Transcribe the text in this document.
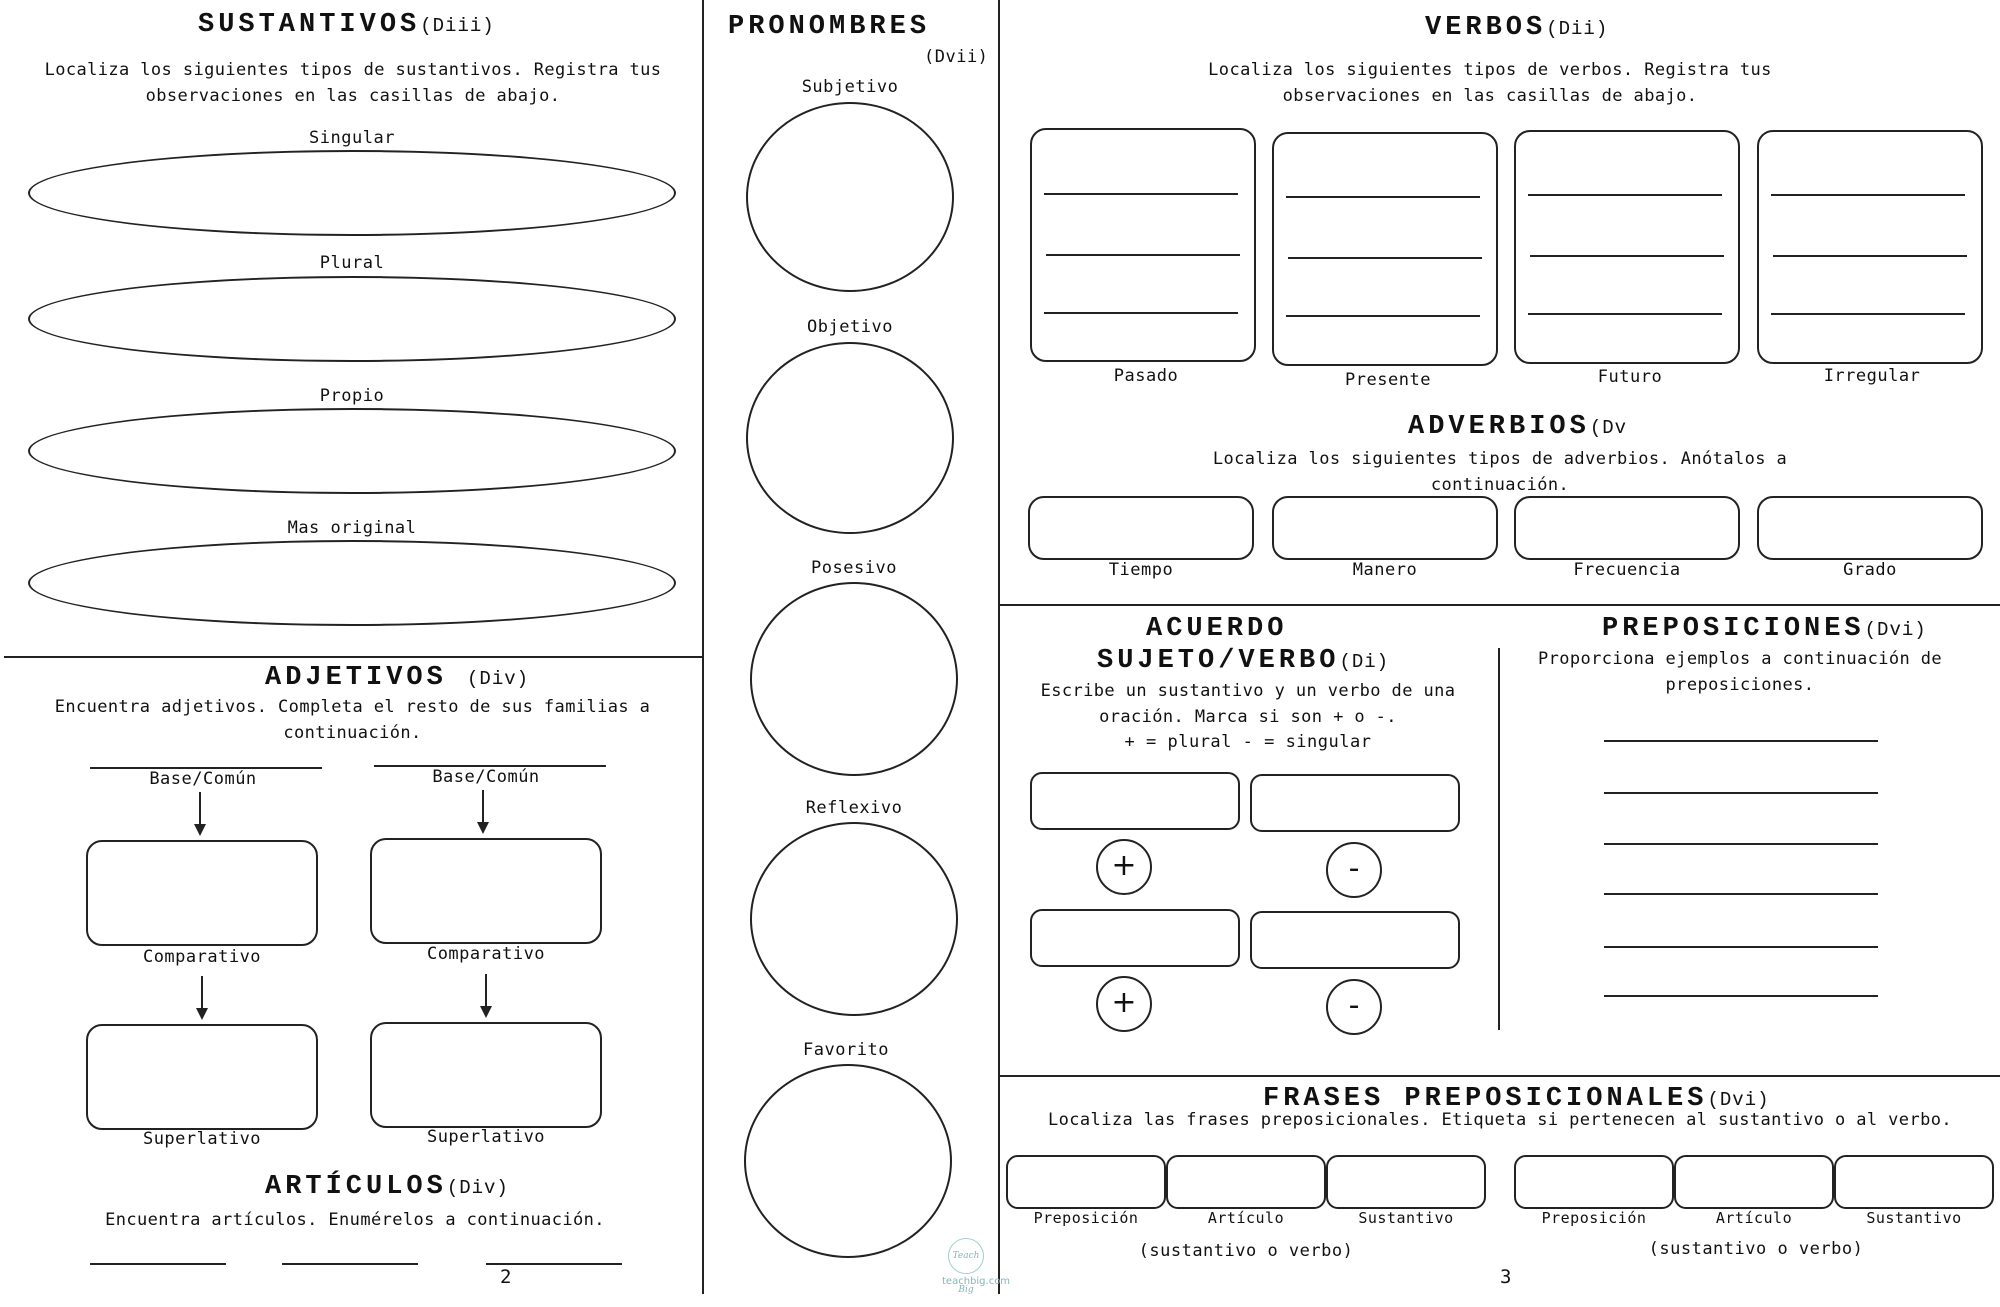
SUSTANTIVOS(Diii)
Localiza los siguientes tipos de sustantivos. Registra tus observaciones en las casillas de abajo.
Singular
Plural
Propio
Mas original
ADJETIVOS (Div)
Encuentra adjetivos. Completa el resto de sus familias a continuación.
Base/Común
Comparativo
Superlativo
Base/Común
Comparativo
Superlativo
ARTÍCULOS(Div)
Encuentra artículos. Enumérelos a continuación.
2
PRONOMBRES
(Dvii)
Subjetivo
Objetivo
Posesivo
Reflexivo
Favorito
Teach Big
teachbig.com
VERBOS(Dii)
Localiza los siguientes tipos de verbos. Registra tus observaciones en las casillas de abajo.
Pasado	Presente	Futuro	Irregular
ADVERBIOS(Dv
Localiza los siguientes tipos de adverbios. Anótalos a continuación.
Tiempo	Manero	Frecuencia	Grado
ACUERDO
SUJETO/VERBO(Di)
Escribe un sustantivo y un verbo de una oración. Marca si son + o -.
+ = plural - = singular
+	-
+	-
PREPOSICIONES(Dvi)
Proporciona ejemplos a continuación de preposiciones.
FRASES PREPOSICIONALES(Dvi)
Localiza las frases preposicionales. Etiqueta si pertenecen al sustantivo o al verbo.
Preposición	Artículo	Sustantivo
(sustantivo o verbo)
Preposición	Artículo	Sustantivo
(sustantivo o verbo)
3
